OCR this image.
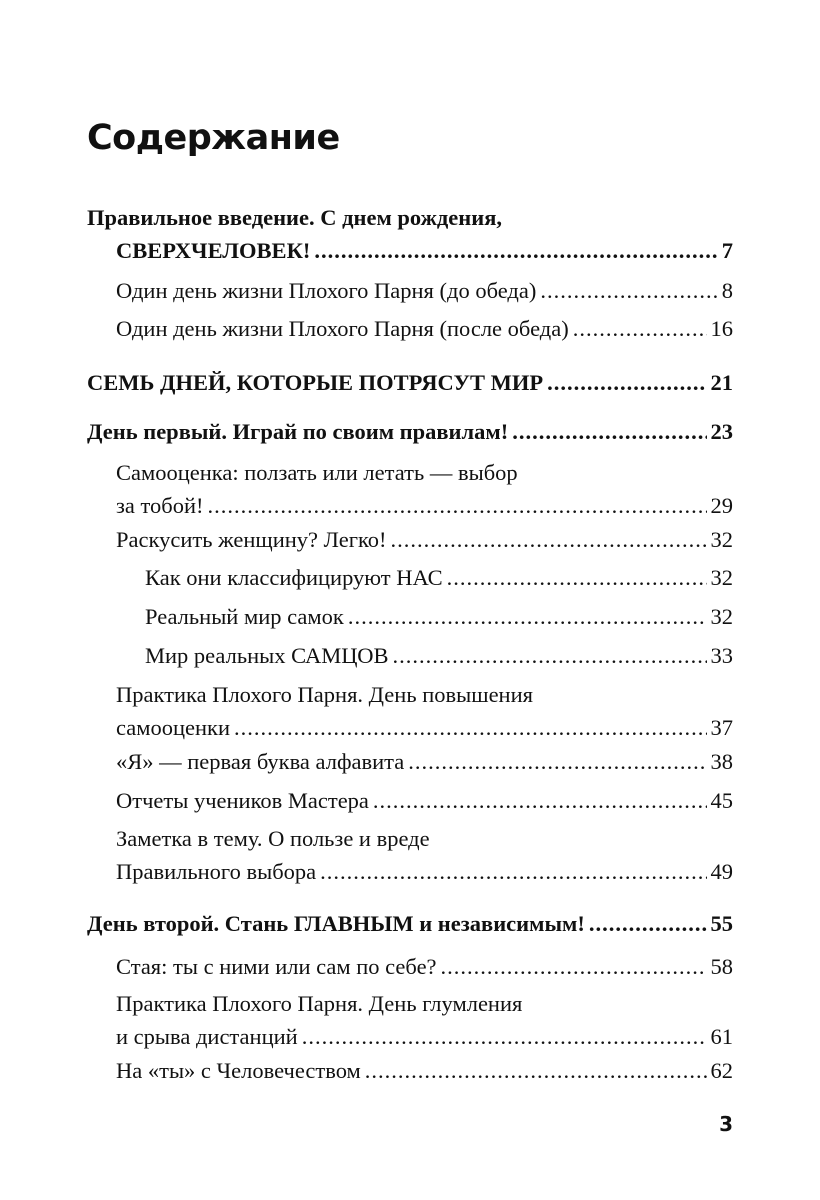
Содержание
Правильное введение. С днем рождения,
СВЕРХЧЕЛОВЕК! .....	7
Один день жизни Плохого Парня (до обеда) .....	8
Один день жизни Плохого Парня (после обеда) .....	16
СЕМЬ ДНЕЙ, КОТОРЫЕ ПОТРЯСУТ МИР .....	21
День первый. Играй по своим правилам! .....	23
Самооценка: ползать или летать — выбор
за тобой! .....	29
Раскусить женщину? Легко! .....	32
Как они классифицируют НАС .....	32
Реальный мир самок .....	32
Мир реальных САМЦОВ .....	33
Практика Плохого Парня. День повышения
самооценки .....	37
«Я» — первая буква алфавита .....	38
Отчеты учеников Мастера .....	45
Заметка в тему. О пользе и вреде
Правильного выбора .....	49
День второй. Стань ГЛАВНЫМ и независимым! .....	55
Стая: ты с ними или сам по себе? .....	58
Практика Плохого Парня. День глумления
и срыва дистанций .....	61
На «ты» с Человечеством .....	62
3
